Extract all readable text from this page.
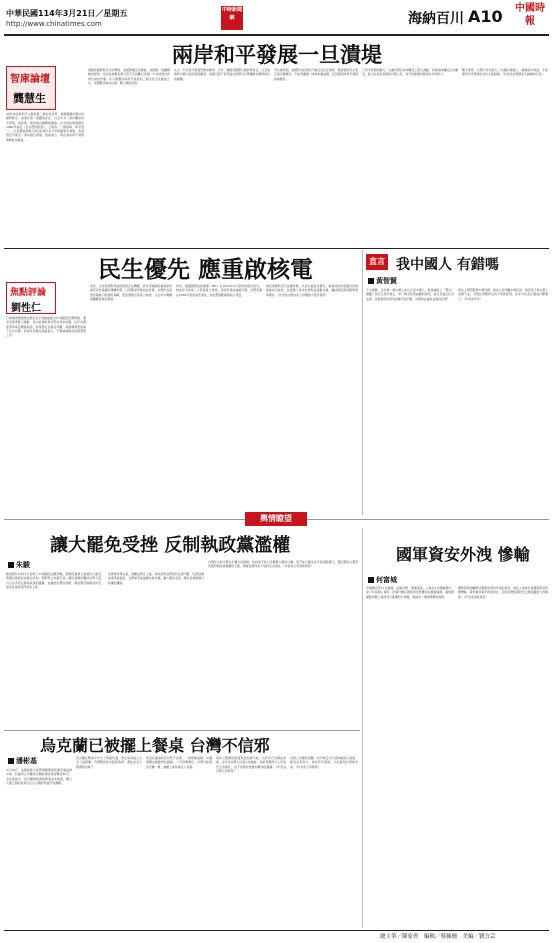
中華民國114年3月21日／星期五
http://www.chinatimes.com
中時新聞網	海納百川 A10	中國時報
兩岸和平發展一旦潰堤
智庫論壇
龔慧生
60年來台海和平主要依靠三個支柱支撐：美國霸權所維持的國際秩序，美軍在第一島鏈的存在，以及中共「兩岸關係和平發展」的政策。前兩項自韓戰後開始，中共的政策則源於1980年前的《告台灣同胞書》，之後的「一國兩制，和平統一」，以及歷屆領導人對台政策方針中均明確和平發展，直到習近平提出「兩岸融合發展」的前提下，現在兩岸和平發展情勢產生動搖。
被稱為國際秩序中的單極，美國霸權正在動搖；美國第一島鏈戰略的經營，也因為美國長期力量不足而難以延續；中共的對台政策也被迫改變。所以影響台海和平發展的三個支柱正在動搖之中，台灣應該如何自處？國人應該深思。
太少，所以他才會強烈要求歐洲、日本、韓國等盟國分擔防務責任，以及加強對中國大陸的經濟圍堵，美國已經不再是過去那個可以單獨維持國際秩序的霸權。
平共處原則，美國對台政策的不確定性正在增加，賴清德政府必須正視這種變化，不能再繼續一味地依賴美國，而忽視兩岸和平發展的重要性。
了和平發展的動力，也讓台灣在兩岸關係上陷入被動。如果兩岸關係走向衝突，最大的受害者將是台灣人民，和平的維護需要兩岸共同努力。
數字事實，台灣只有回到九二共識的基礎上，重啟兩岸對話，才能避免和平發展的支柱全面崩塌。（作者為台灣競爭力論壇執行長）
民生優先 應重啟核電
焦點評論
劉性仁
日前賴清德總統在國家安全會議後提出17項國安因應策略，要求各部會配合推動，其中能源政策仍堅持非核家園。近年台灣夏季用電量屢創新高，供電穩定性備受考驗，電價調漲更加重了民生負擔，核電作為穩定基載電力，不應被排除在能源選項之外。
首先，全球各國對核能的態度正在轉變，許多先進國家重新啟用或延長核電廠的運轉年限，以因應淨零排放的目標。台灣作為高度依賴進口能源的島嶼，更需要穩定的電力來源，以支持半導體等關鍵產業的發展。
再者，根據國際能源總署（IEA）在2022年6月發布的報告指出，核能是全球第二大低碳電力來源，有助於達成減碳目標。台灣若要在2050年達成淨零排放，核能選項應重新納入考量。
執政黨應該放下意識形態，以民生福祉為優先，重新評估核電廠延役與重啟的可能性，並透過公投或社會對話凝聚共識，讓能源政策回歸專業與理性。（作者為中國文化大學國發大陸所教授）
直言 我中國人 有錯嗎
黃智賢
不太理解，為什麼一個中國人說自己是中國人，就會被貼上「賣台」標籤？說自己是中國人，是一種文化與血緣的認同，並沒有違反任何法律。民進黨政府卻用各種手段打壓，這樣的言論自由還存在嗎？
憲法上明明寫著中華民國，兩岸人民同屬中華民族，承認自己是中國人並無不妥。台灣社會應該包容不同的認同，而非以政治正確來打壓異己。（作者為作家）
輿情瞭望
讓大罷免受挫 反制執政黨濫權
朱駿
賴清德於3月13日宣佈了17項國安因應策略，隨即民進黨立委提出大罷免，與國民黨掀起的修法攻防，朝野對立持續升高。國民黨應該團結在野力量，以合法手段反制執政黨的濫權，並藉此向選民說明，罷免應回歸制度初衷，而非成為政治鬥爭的工具。
在國會改革法案、財劃法修正之後，執政黨對在野黨的反撲不斷，民眾逐漸看清其真面目。在野黨若能凝聚社會共識，讓大罷免受挫，將能有效制衡行政權的擴張。
台灣民主的可貴在於權力的制衡，執政黨不能以多數暴力壓制少數，更不能以罷免為手段清除異己。選民應該以選票表達對執政黨濫權的不滿，捍衛台灣得來不易的民主制度。（作者為大學退休教授）
國軍資安外洩 慘輸
何富城
中國國安部17日揭露，指稱台灣「資通電軍」人員在2月發動網攻，並公布其個人資料。此事件顯示國軍資安防護存在嚴重漏洞，連參與網路作戰人員的身分都遭對方掌握，無疑是一場資訊戰的慘敗。
國防部與相關單位應徹查資料外洩的原因，強化人員資料保護與資安防護機制，避免類似事件再度發生，否則台灣的國防安全將面臨更大的威脅。（作者為退役軍官）
烏克蘭已被擺上餐桌 台灣不信邪
潘彬基
3月18日，美國總統川普與俄羅斯總統蒲亭通話兩小時，討論停止攻擊烏克蘭能源設施並暫停30天。這次通話中，烏克蘭總統澤倫斯基並未參與，顯示大國之間的談判往往以小國的利益作為籌碼。
烏克蘭在戰爭中付出了慘痛代價，卻在談判桌上失去了話語權。台灣應該從中吸取教訓，避免成為大國博弈的棋子。
然而民進黨政府仍然不信邪，一味倚賴美國，持續軍購並推動對抗路線。一旦局勢變化，台灣可能像烏克蘭一樣，被擺上談判桌任人宰割。
兩岸之間應該透過對話化解分歧，以和平方式解決爭端，這才是台灣人民最大的福祉。執政者應該以人民的安全為優先，而不是將台灣推向戰爭的邊緣。（作者為台灣大學教授）
台灣人民應該清醒，和平與安全不能仰賴他人施捨，唯有自身努力，兩岸和平發展，才能確保台灣的未來。（作者為大學教授）
總主筆／陳家齊　編輯／蔡佩珊　美編／劉宜芸
